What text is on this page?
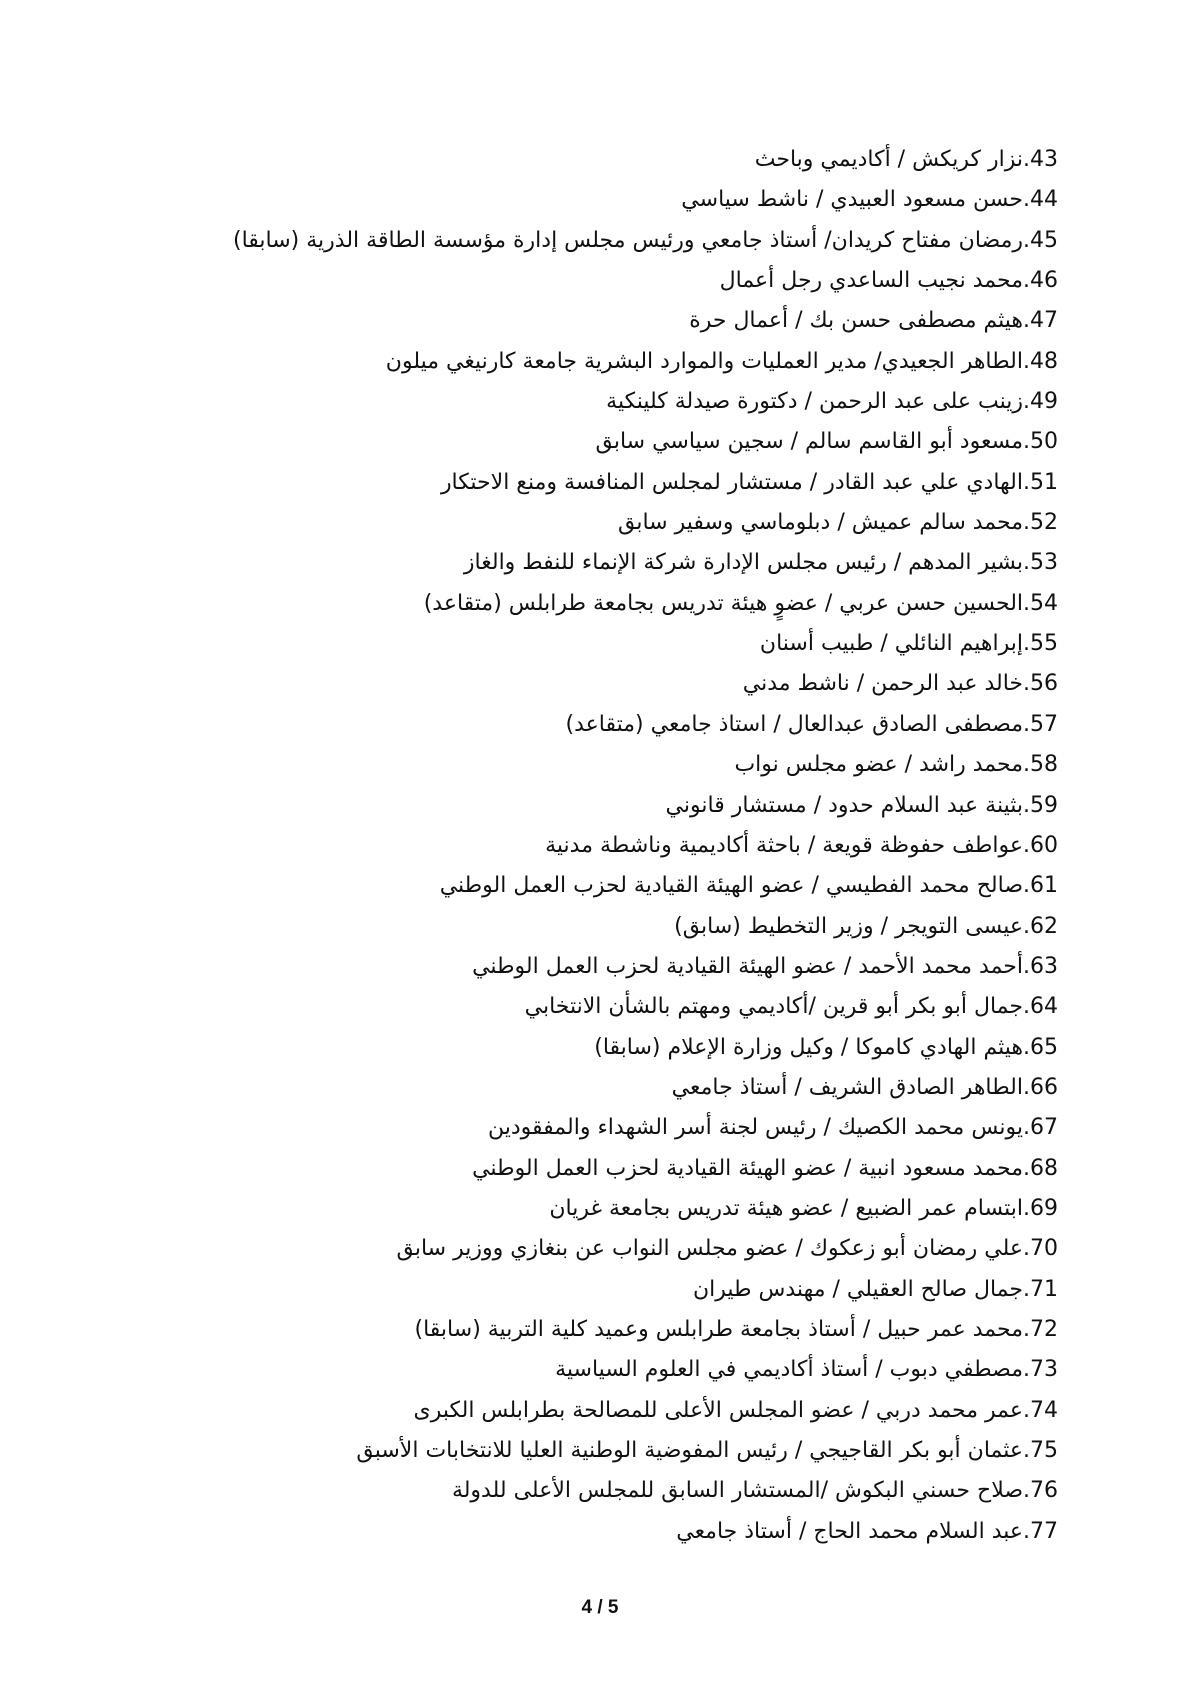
43.نزار كريكش / أكاديمي وباحث
44.حسن مسعود العبيدي / ناشط سياسي
45.رمضان مفتاح كريدان/ أستاذ جامعي ورئيس مجلس إدارة مؤسسة الطاقة الذرية (سابقا)
46.محمد نجيب الساعدي رجل أعمال
47.هيثم مصطفى حسن بك / أعمال حرة
48.الطاهر الجعيدي/ مدير العمليات والموارد البشرية جامعة كارنيغي ميلون
49.زينب على عبد الرحمن / دكتورة صيدلة كلينكية
50.مسعود أبو القاسم سالم / سجين سياسي سابق
51.الهادي علي عبد القادر / مستشار لمجلس المنافسة ومنع الاحتكار
52.محمد سالم عميش / دبلوماسي وسفير سابق
53.بشير المدهم / رئيس مجلس الإدارة شركة الإنماء للنفط والغاز
54.الحسين حسن عربي / عضوٍ هيئة تدريس بجامعة طرابلس (متقاعد)
55.إبراهيم النائلي / طبيب أسنان
56.خالد عبد الرحمن / ناشط مدني
57.مصطفى الصادق عبدالعال / استاذ جامعي (متقاعد)
58.محمد راشد / عضو مجلس نواب
59.بثينة عبد السلام حدود / مستشار قانوني
60.عواطف حفوظة قويعة / باحثة أكاديمية وناشطة مدنية
61.صالح محمد الفطيسي / عضو الهيئة القيادية لحزب العمل الوطني
62.عيسى التويجر / وزير التخطيط (سابق)
63.أحمد محمد الأحمد / عضو الهيئة القيادية لحزب العمل الوطني
64.جمال أبو بكر أبو قرين /أكاديمي ومهتم بالشأن الانتخابي
65.هيثم الهادي كاموكا / وكيل وزارة الإعلام (سابقا)
66.الطاهر الصادق الشريف / أستاذ جامعي
67.يونس محمد الكصيك / رئيس لجنة أسر الشهداء والمفقودين
68.محمد مسعود انبية / عضو الهيئة القيادية لحزب العمل الوطني
69.ابتسام عمر الضبيع / عضو هيئة تدريس بجامعة غريان
70.علي رمضان أبو زعكوك / عضو مجلس النواب عن بنغازي ووزير سابق
71.جمال صالح العقيلي / مهندس طيران
72.محمد عمر حبيل / أستاذ بجامعة طرابلس وعميد كلية التربية (سابقا)
73.مصطفي دبوب / أستاذ أكاديمي في العلوم السياسية
74.عمر محمد دربي / عضو المجلس الأعلى للمصالحة بطرابلس الكبرى
75.عثمان أبو بكر القاجيجي / رئيس المفوضية الوطنية العليا للانتخابات الأسبق
76.صلاح حسني البكوش /المستشار السابق للمجلس الأعلى للدولة
77.عبد السلام محمد الحاج / أستاذ جامعي
4 / 5
